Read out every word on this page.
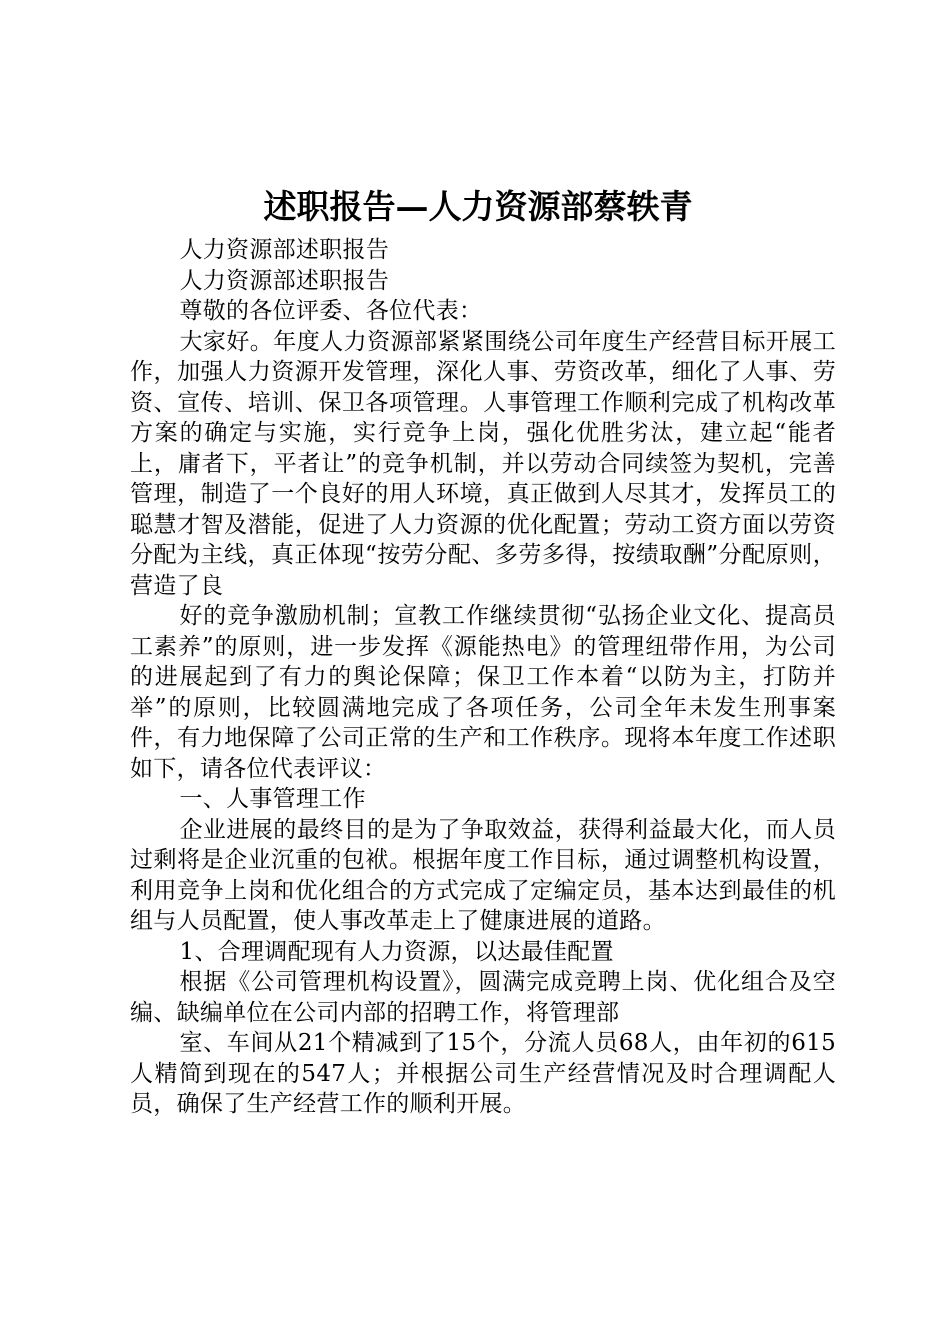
述职报告—人力资源部蔡轶青

人力资源部述职报告

人力资源部述职报告

尊敬的各位评委、各位代表：

大家好。年度人力资源部紧紧围绕公司年度生产经营目标开展工作，加强人力资源开发管理，深化人事、劳资改革，细化了人事、劳资、宣传、培训、保卫各项管理。人事管理工作顺利完成了机构改革方案的确定与实施，实行竞争上岗，强化优胜劣汰，建立起“能者上，庸者下，平者让”的竞争机制，并以劳动合同续签为契机，完善管理，制造了一个良好的用人环境，真正做到人尽其才，发挥员工的聪慧才智及潜能，促进了人力资源的优化配置；劳动工资方面以劳资分配为主线，真正体现“按劳分配、多劳多得，按绩取酬”分配原则，营造了良

好的竞争激励机制；宣教工作继续贯彻“弘扬企业文化、提高员工素养”的原则，进一步发挥《源能热电》的管理纽带作用，为公司的进展起到了有力的舆论保障；保卫工作本着“以防为主，打防并举”的原则，比较圆满地完成了各项任务，公司全年未发生刑事案件，有力地保障了公司正常的生产和工作秩序。现将本年度工作述职如下，请各位代表评议：

一、人事管理工作

企业进展的最终目的是为了争取效益，获得利益最大化，而人员过剩将是企业沉重的包袱。根据年度工作目标，通过调整机构设置，利用竞争上岗和优化组合的方式完成了定编定员，基本达到最佳的机组与人员配置，使人事改革走上了健康进展的道路。

1、合理调配现有人力资源，以达最佳配置

根据《公司管理机构设置》，圆满完成竞聘上岗、优化组合及空编、缺编单位在公司内部的招聘工作，将管理部

室、车间从21个精减到了15个，分流人员68人，由年初的615人精简到现在的547人；并根据公司生产经营情况及时合理调配人员，确保了生产经营工作的顺利开展。
